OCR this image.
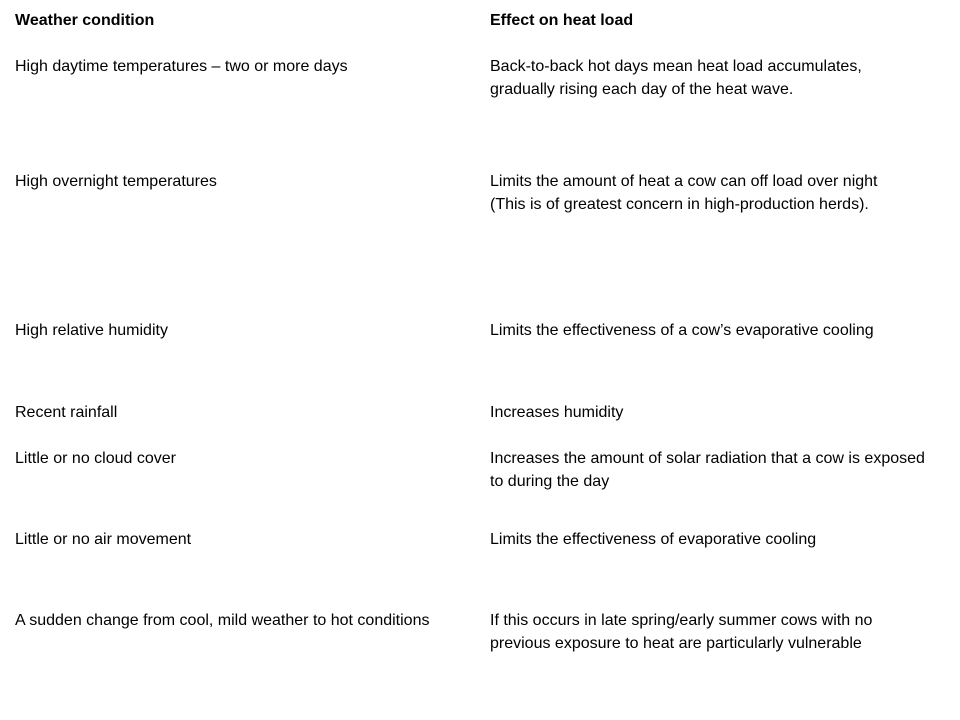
Weather condition	Effect on heat load
High daytime temperatures – two or more days	Back-to-back hot days mean heat load accumulates,
gradually rising each day of the heat wave.
High overnight temperatures	Limits the amount of heat a cow can off load over night
(This is of greatest concern in high-production herds).
High relative humidity	Limits the effectiveness of a cow’s evaporative cooling
Recent rainfall	Increases humidity
Little or no cloud cover	Increases the amount of solar radiation that a cow is exposed
to during the day
Little or no air movement	Limits the effectiveness of evaporative cooling
A sudden change from cool, mild weather to hot conditions	If this occurs in late spring/early summer cows with no
previous exposure to heat are particularly vulnerable
